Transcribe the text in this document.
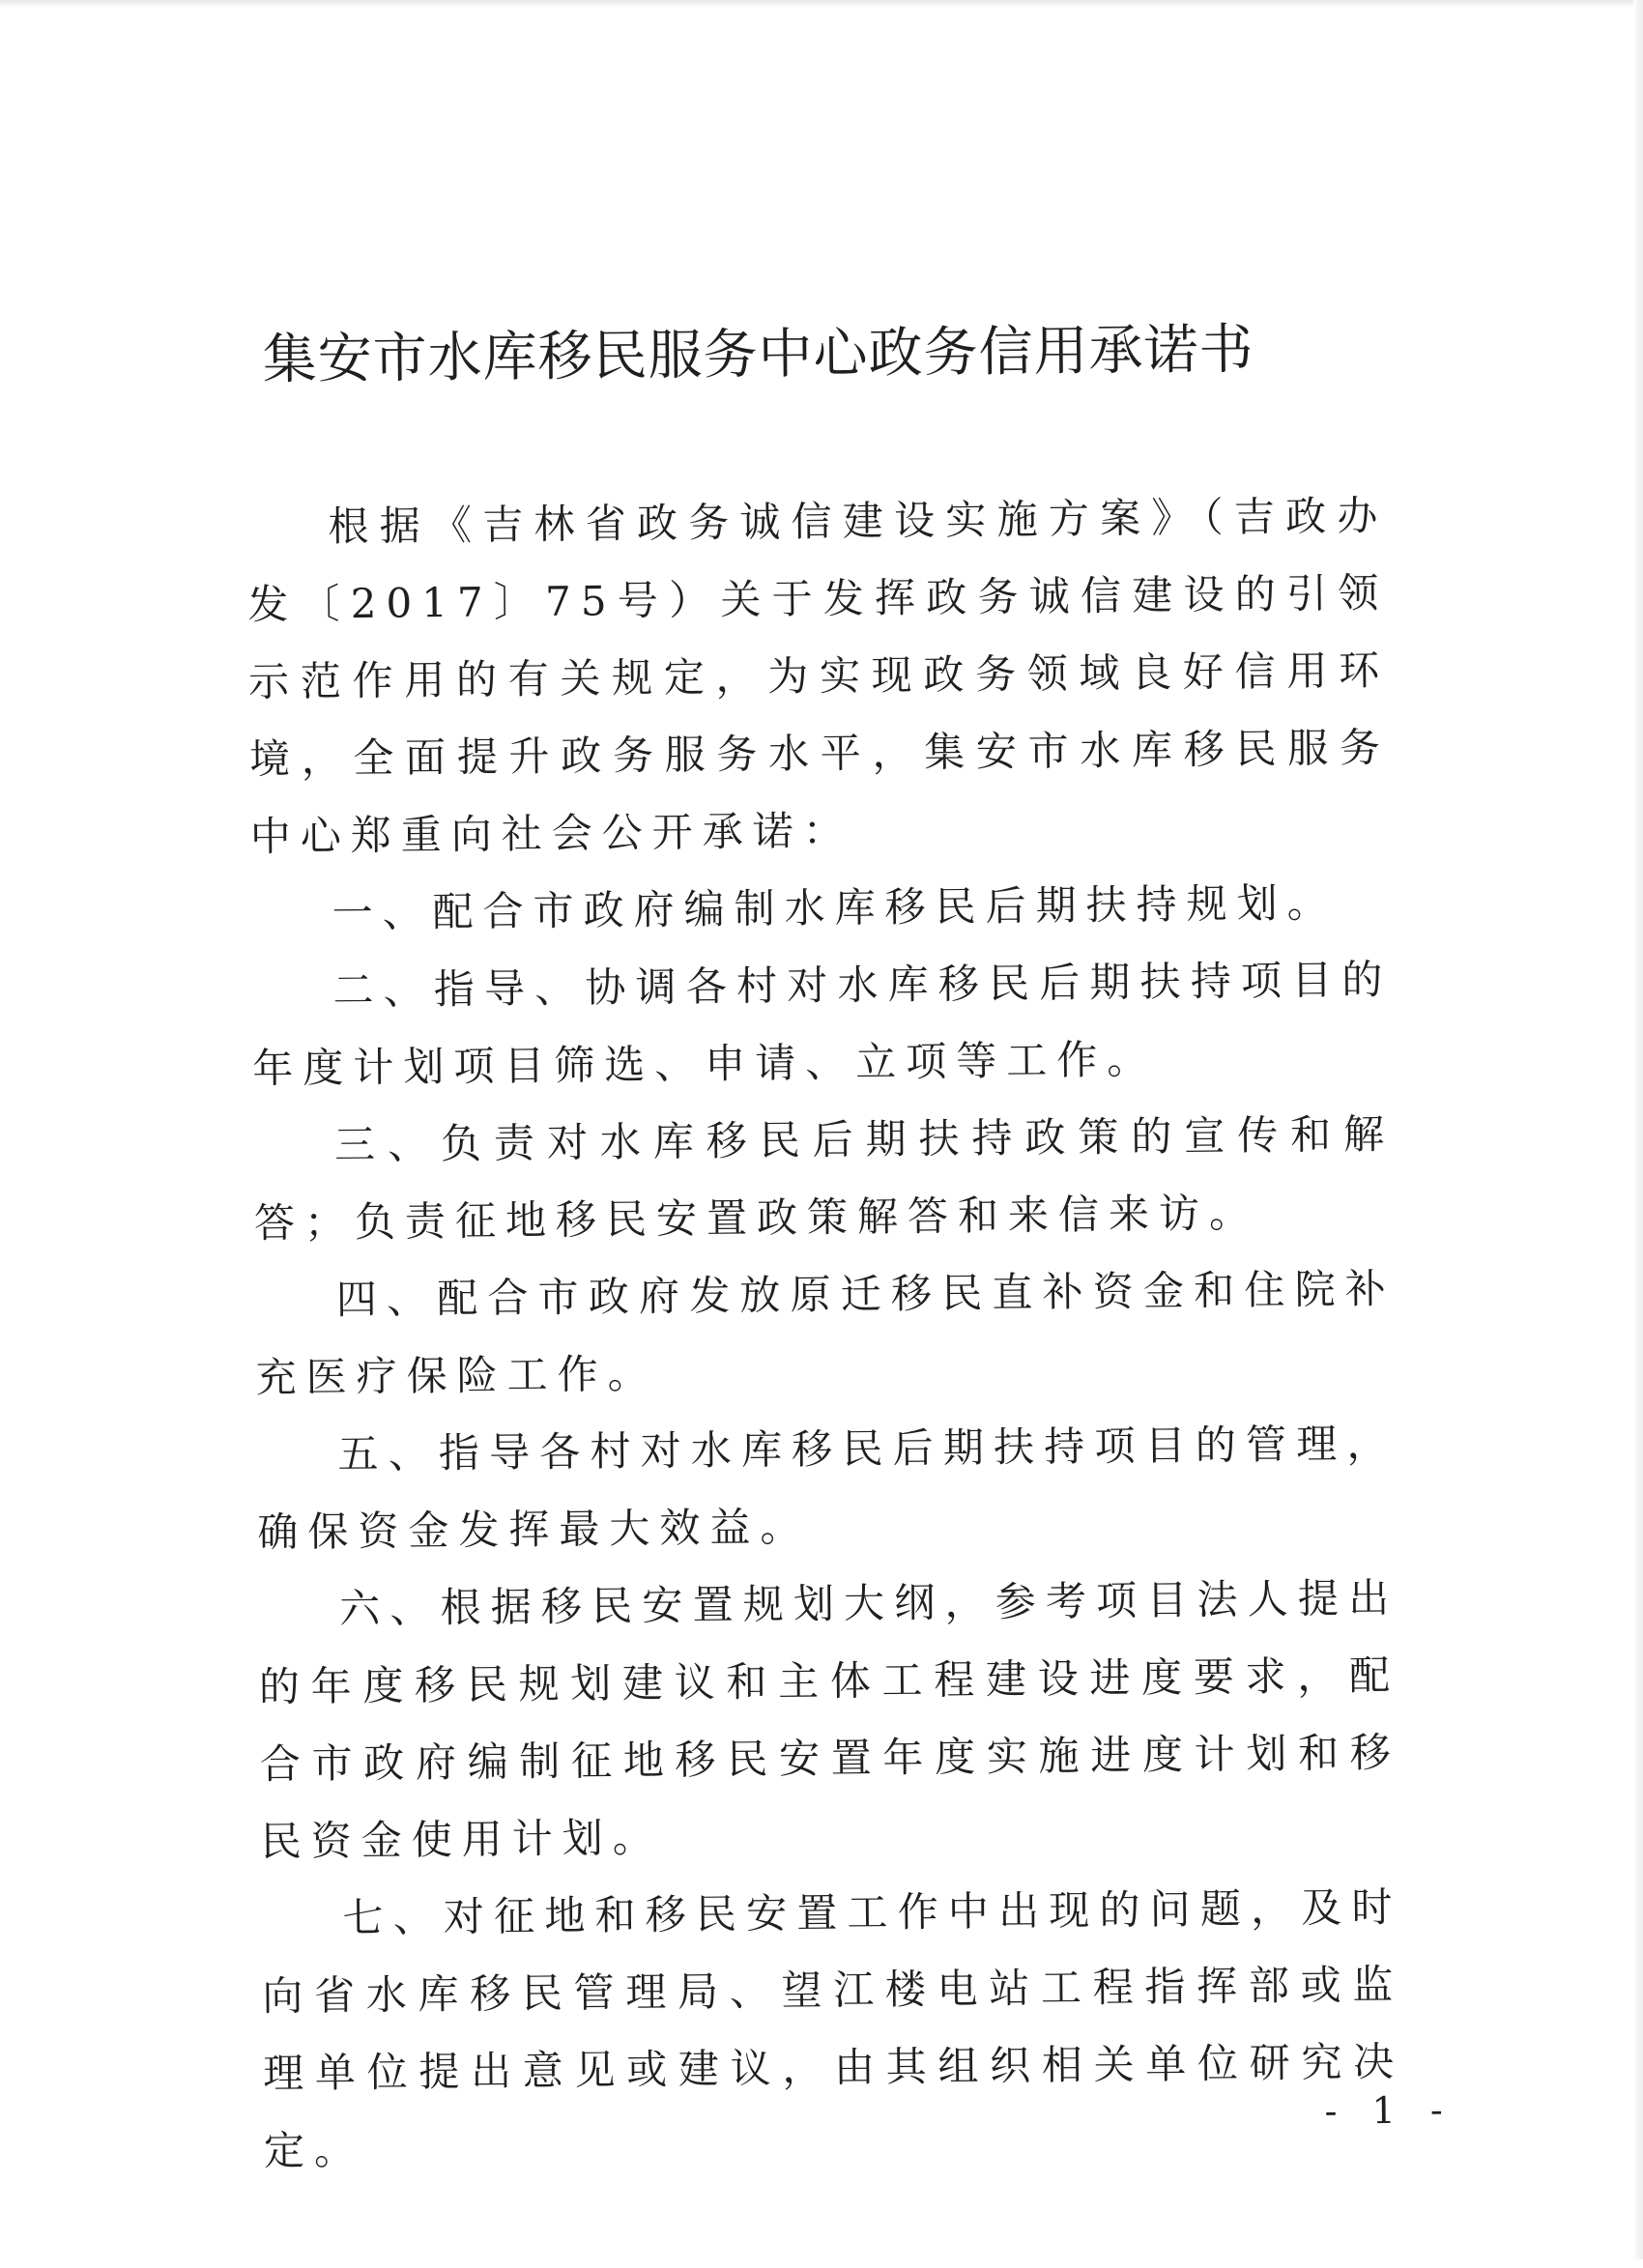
集安市水库移民服务中心政务信用承诺书

根据《吉林省政务诚信建设实施方案》（吉政办发〔2017〕75号）关于发挥政务诚信建设的引领示范作用的有关规定，为实现政务领域良好信用环境，全面提升政务服务水平，集安市水库移民服务中心郑重向社会公开承诺：

一、配合市政府编制水库移民后期扶持规划。

二、指导、协调各村对水库移民后期扶持项目的年度计划项目筛选、申请、立项等工作。

三、负责对水库移民后期扶持政策的宣传和解答；负责征地移民安置政策解答和来信来访。

四、配合市政府发放原迁移民直补资金和住院补充医疗保险工作。

五、指导各村对水库移民后期扶持项目的管理，确保资金发挥最大效益。

六、根据移民安置规划大纲，参考项目法人提出的年度移民规划建议和主体工程建设进度要求，配合市政府编制征地移民安置年度实施进度计划和移民资金使用计划。

七、对征地和移民安置工作中出现的问题，及时向省水库移民管理局、望江楼电站工程指挥部或监理单位提出意见或建议，由其组织相关单位研究决定。

- 1 -
